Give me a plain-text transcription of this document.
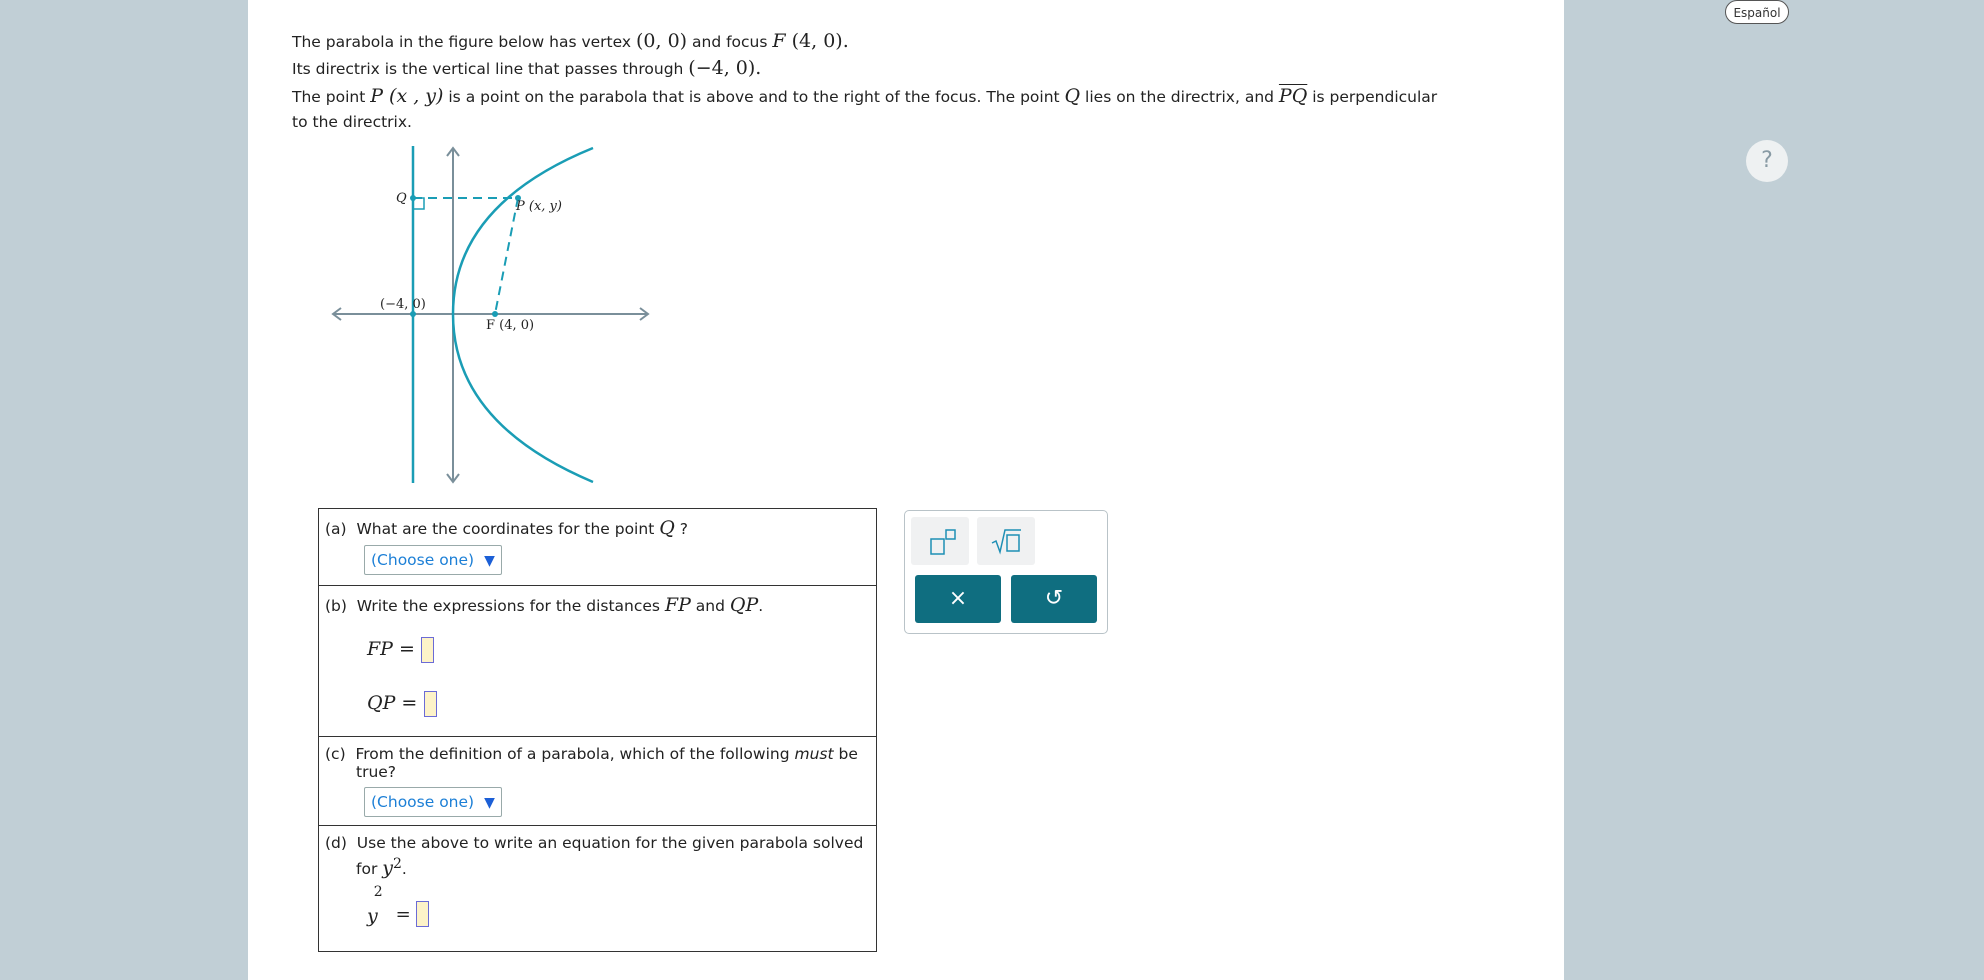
Español
?
The parabola in the figure below has vertex (0, 0) and focus F (4, 0).
Its directrix is the vertical line that passes through (−4, 0).
The point P (x , y) is a point on the parabola that is above and to the right of the focus. The point Q lies on the directrix, and $\overline{PQ}$ is perpendicular
to the directrix.
Q
P (x, y)
(−4, 0)
F (4, 0)
(a) What are the coordinates for the point Q ?
(Choose one) ▼
(b) Write the expressions for the distances FP and QP.
FP =
QP =
(c) From the definition of a parabola, which of the following must be
true?
(Choose one) ▼
(d) Use the above to write an equation for the given parabola solved
for $y^2$.
$y^2$ =
×	↺
